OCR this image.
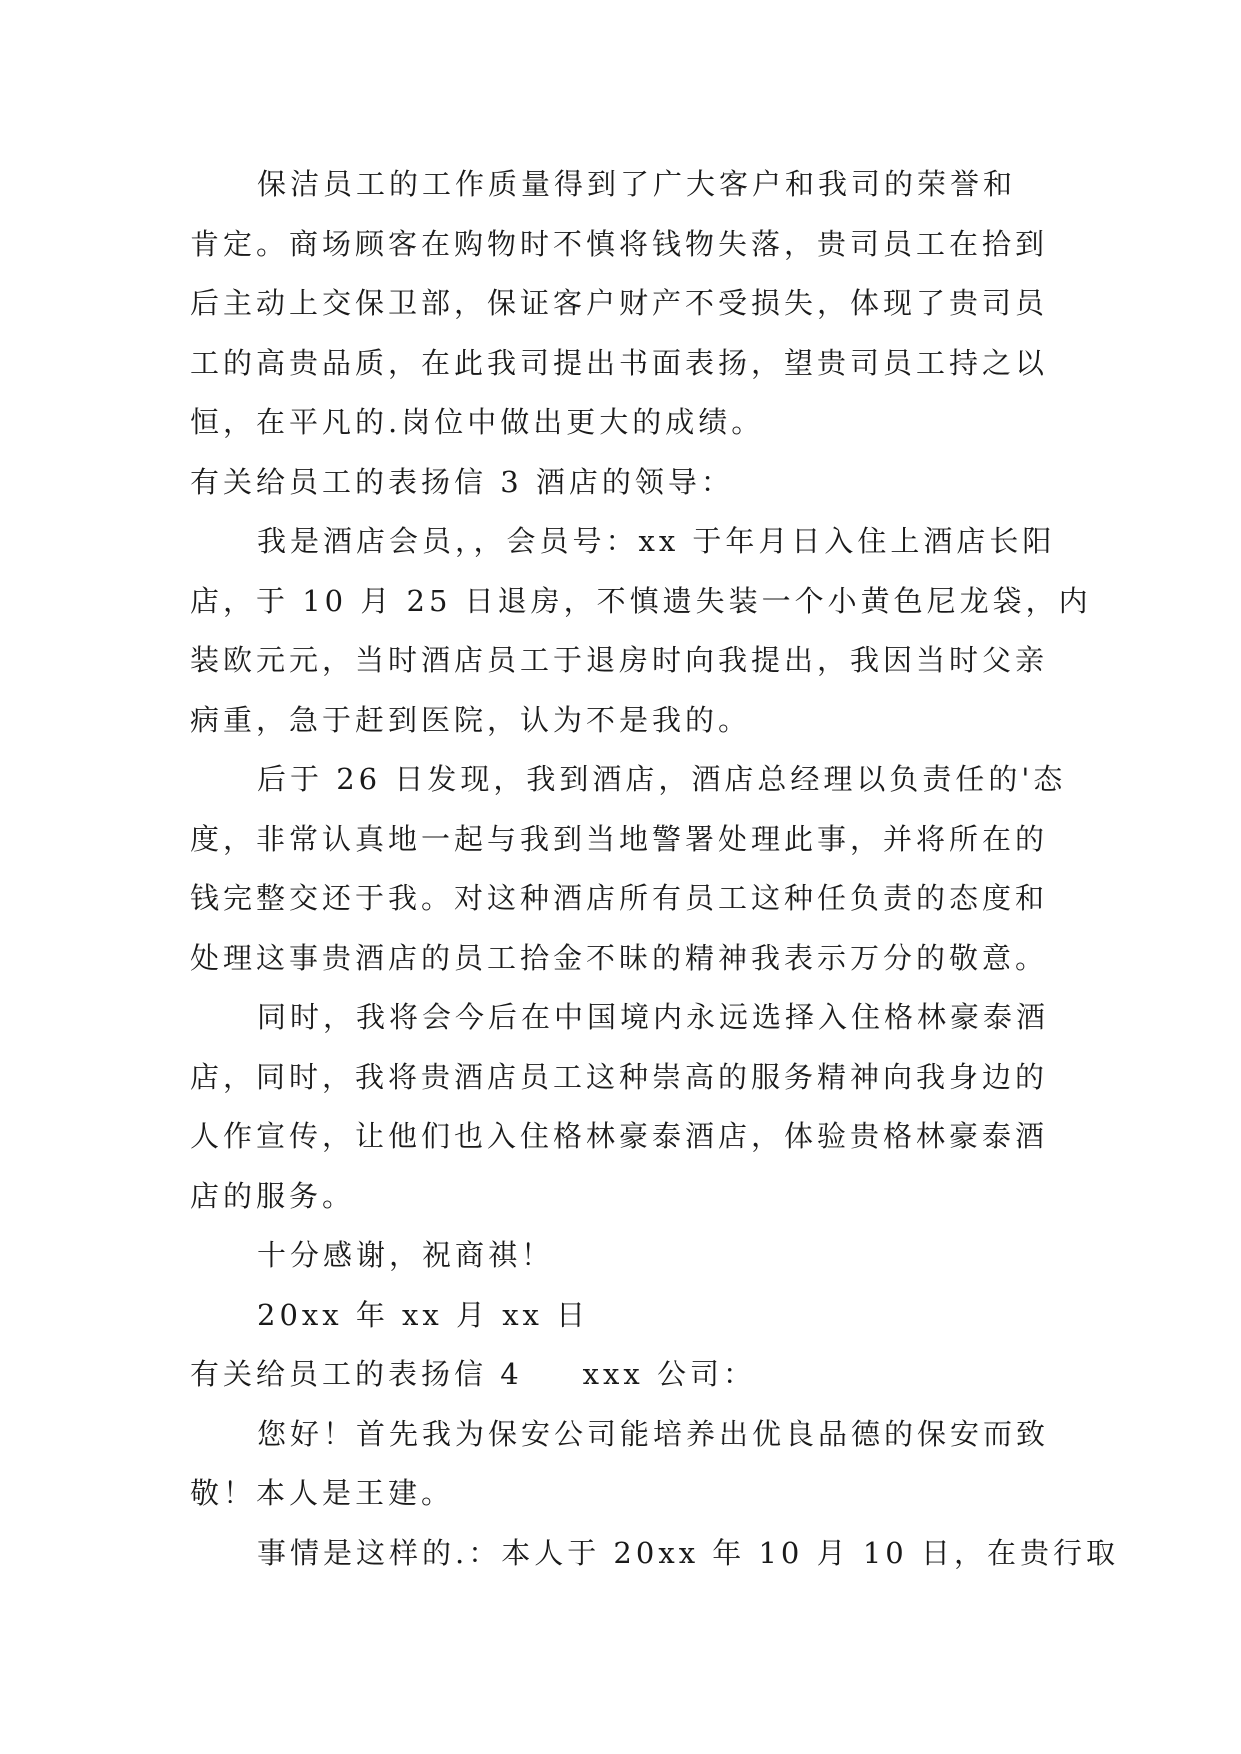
保洁员工的工作质量得到了广大客户和我司的荣誉和
肯定。商场顾客在购物时不慎将钱物失落，贵司员工在拾到
后主动上交保卫部，保证客户财产不受损失，体现了贵司员
工的高贵品质，在此我司提出书面表扬，望贵司员工持之以
恒，在平凡的.岗位中做出更大的成绩。
有关给员工的表扬信 3 酒店的领导：
我是酒店会员，，会员号：xx 于年月日入住上酒店长阳
店，于 10 月 25 日退房，不慎遗失装一个小黄色尼龙袋，内
装欧元元，当时酒店员工于退房时向我提出，我因当时父亲
病重，急于赶到医院，认为不是我的。
后于 26 日发现，我到酒店，酒店总经理以负责任的'态
度，非常认真地一起与我到当地警署处理此事，并将所在的
钱完整交还于我。对这种酒店所有员工这种任负责的态度和
处理这事贵酒店的员工拾金不昧的精神我表示万分的敬意。
同时，我将会今后在中国境内永远选择入住格林豪泰酒
店，同时，我将贵酒店员工这种崇高的服务精神向我身边的
人作宣传，让他们也入住格林豪泰酒店，体验贵格林豪泰酒
店的服务。
十分感谢，祝商祺！
20xx 年 xx 月 xx 日
有关给员工的表扬信 4 xxx 公司：
您好！首先我为保安公司能培养出优良品德的保安而致
敬！本人是王建。
事情是这样的.：本人于 20xx 年 10 月 10 日，在贵行取
